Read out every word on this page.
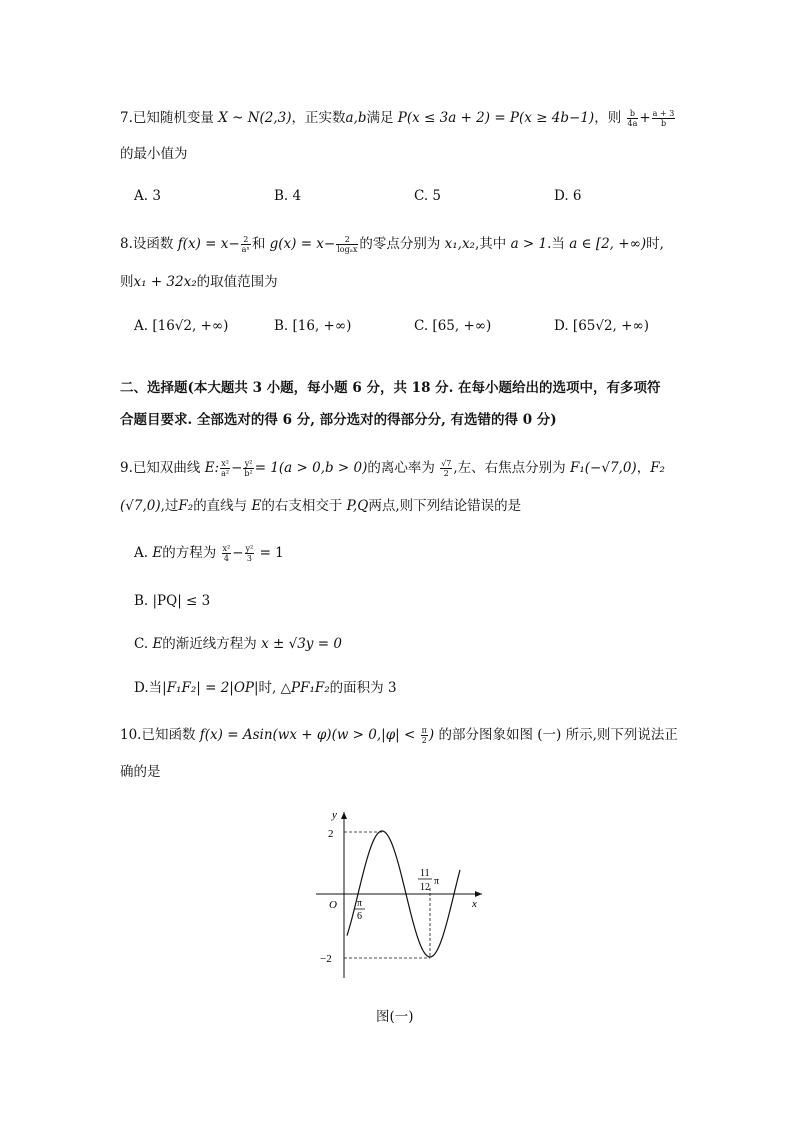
7.已知随机变量 X ~ N(2,3)，正实数a,b满足 P(x ≤ 3a + 2) = P(x ≥ 4b−1)，则 $\frac{b}{4a} + \frac{a + 3}{b}$
的最小值为
A. 3	B. 4	C. 5	D. 6
8.设函数 $f(x) = x- \frac{2}{\text{aˣ}}$ 和 $g(x) = x- \frac{2}{\text{logₐx}}$ 的零点分别为 x₁,x₂,其中 a > 1.当 a ∈ [2, +∞)时,
则x₁ + 32x₂的取值范围为
A. [16√2, +∞)	B. [16, +∞)	C. [65, +∞)	D. [65√2, +∞)
二、选择题(本大题共 3 小题，每小题 6 分，共 18 分. 在每小题给出的选项中，有多项符
合题目要求. 全部选对的得 6 分, 部分选对的得部分分, 有选错的得 0 分)
9.已知双曲线 E: $\frac{\text{x²}}{\text{a²}} - \frac{\text{y²}}{\text{b²}} = 1(a > 0,b > 0)$的离心率为 $\frac{√7}{2}$ ,左、右焦点分别为 F₁(−√7,0)，F₂
(√7,0),过F₂的直线与 E的右支相交于 P,Q两点,则下列结论错误的是
A. E的方程为 $\frac{\text{x²}}{4} - \frac{\text{y²}}{3} = 1$
B. |PQ| ≤ 3
C. E的渐近线方程为 x ± √3y = 0
D.当|F₁F₂| = 2|OP|时, △PF₁F₂的面积为 3
10.已知函数 $f(x) = Asin(wx + \varphi)(w > 0,|\varphi| < \frac{\pi}{2}$ ) 的部分图象如图 (一) 所示,则下列说法正
确的是
y
x
O
2
−2
π
6
11
12
π
图(一)
